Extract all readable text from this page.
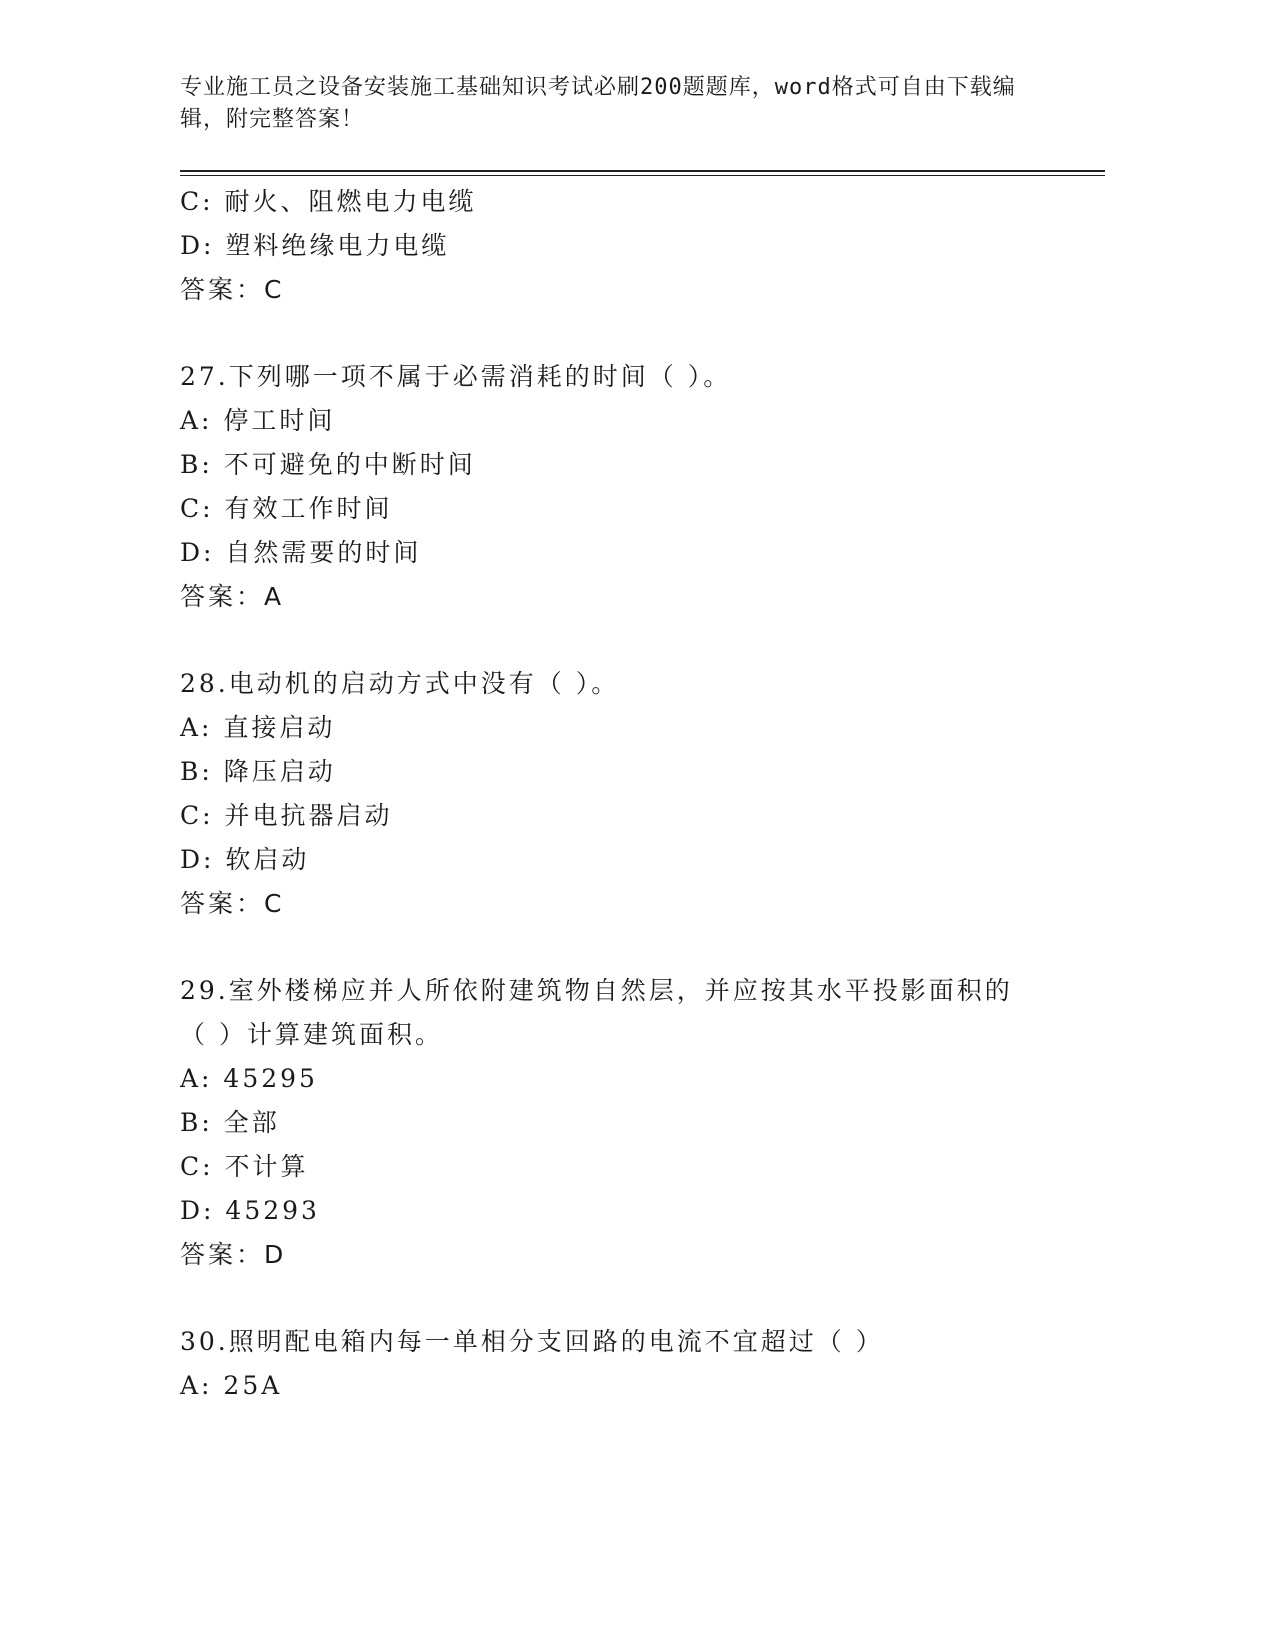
专业施工员之设备安装施工基础知识考试必刷200题题库，word格式可自由下载编辑，附完整答案！
C: 耐火、阻燃电力电缆
D: 塑料绝缘电力电缆
答案：C
27.下列哪一项不属于必需消耗的时间（ ）。
A: 停工时间
B: 不可避免的中断时间
C: 有效工作时间
D: 自然需要的时间
答案：A
28.电动机的启动方式中没有（ ）。
A: 直接启动
B: 降压启动
C: 并电抗器启动
D: 软启动
答案：C
29.室外楼梯应并人所依附建筑物自然层，并应按其水平投影面积的（ ）计算建筑面积。
A: 45295
B: 全部
C: 不计算
D: 45293
答案：D
30.照明配电箱内每一单相分支回路的电流不宜超过（ ）
A: 25A
